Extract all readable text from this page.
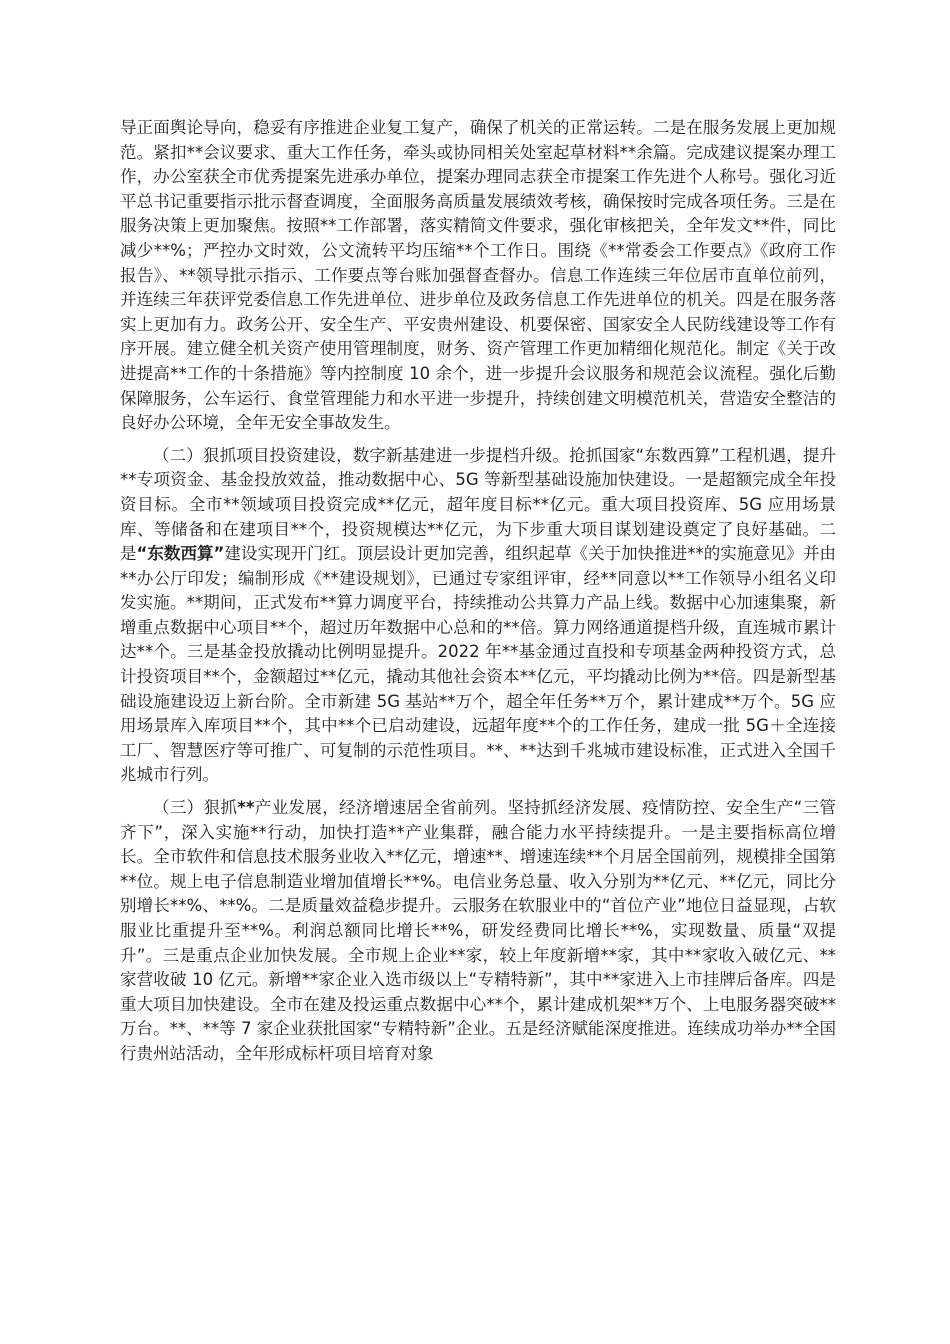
导正面舆论导向，稳妥有序推进企业复工复产，确保了机关的正常运转。二是在服务发展上更加规范。紧扣**会议要求、重大工作任务，牵头或协同相关处室起草材料**余篇。完成建议提案办理工作，办公室获全市优秀提案先进承办单位，提案办理同志获全市提案工作先进个人称号。强化习近平总书记重要指示批示督查调度，全面服务高质量发展绩效考核，确保按时完成各项任务。三是在服务决策上更加聚焦。按照**工作部署，落实精简文件要求，强化审核把关，全年发文**件，同比减少**%；严控办文时效，公文流转平均压缩**个工作日。围绕《**常委会工作要点》《政府工作报告》、**领导批示指示、工作要点等台账加强督查督办。信息工作连续三年位居市直单位前列，并连续三年获评党委信息工作先进单位、进步单位及政务信息工作先进单位的机关。四是在服务落实上更加有力。政务公开、安全生产、平安贵州建设、机要保密、国家安全人民防线建设等工作有序开展。建立健全机关资产使用管理制度，财务、资产管理工作更加精细化规范化。制定《关于改进提高**工作的十条措施》等内控制度 10 余个，进一步提升会议服务和规范会议流程。强化后勤保障服务，公车运行、食堂管理能力和水平进一步提升，持续创建文明模范机关，营造安全整洁的良好办公环境，全年无安全事故发生。

（二）狠抓项目投资建设，数字新基建进一步提档升级。抢抓国家“东数西算”工程机遇，提升**专项资金、基金投放效益，推动数据中心、5G 等新型基础设施加快建设。一是超额完成全年投资目标。全市**领域项目投资完成**亿元，超年度目标**亿元。重大项目投资库、5G 应用场景库、等储备和在建项目**个，投资规模达**亿元，为下步重大项目谋划建设奠定了良好基础。二是“东数西算”建设实现开门红。顶层设计更加完善，组织起草《关于加快推进**的实施意见》并由**办公厅印发；编制形成《**建设规划》，已通过专家组评审，经**同意以**工作领导小组名义印发实施。**期间，正式发布**算力调度平台，持续推动公共算力产品上线。数据中心加速集聚，新增重点数据中心项目**个，超过历年数据中心总和的**倍。算力网络通道提档升级，直连城市累计达**个。三是基金投放撬动比例明显提升。2022 年**基金通过直投和专项基金两种投资方式，总计投资项目**个，金额超过**亿元，撬动其他社会资本**亿元，平均撬动比例为**倍。四是新型基础设施建设迈上新台阶。全市新建 5G 基站**万个，超全年任务**万个，累计建成**万个。5G 应用场景库入库项目**个，其中**个已启动建设，远超年度**个的工作任务，建成一批 5G＋全连接工厂、智慧医疗等可推广、可复制的示范性项目。**、**达到千兆城市建设标准，正式进入全国千兆城市行列。

（三）狠抓**产业发展，经济增速居全省前列。坚持抓经济发展、疫情防控、安全生产“三管齐下”，深入实施**行动，加快打造**产业集群，融合能力水平持续提升。一是主要指标高位增长。全市软件和信息技术服务业收入**亿元，增速**、增速连续**个月居全国前列，规模排全国第**位。规上电子信息制造业增加值增长**%。电信业务总量、收入分别为**亿元、**亿元，同比分别增长**%、**%。二是质量效益稳步提升。云服务在软服业中的“首位产业”地位日益显现，占软服业比重提升至**%。利润总额同比增长**%，研发经费同比增长**%，实现数量、质量“双提升”。三是重点企业加快发展。全市规上企业**家，较上年度新增**家，其中**家收入破亿元、**家营收破 10 亿元。新增**家企业入选市级以上“专精特新”，其中**家进入上市挂牌后备库。四是重大项目加快建设。全市在建及投运重点数据中心**个，累计建成机架**万个、上电服务器突破**万台。**、**等 7 家企业获批国家“专精特新”企业。五是经济赋能深度推进。连续成功举办**全国行贵州站活动，全年形成标杆项目培育对象
